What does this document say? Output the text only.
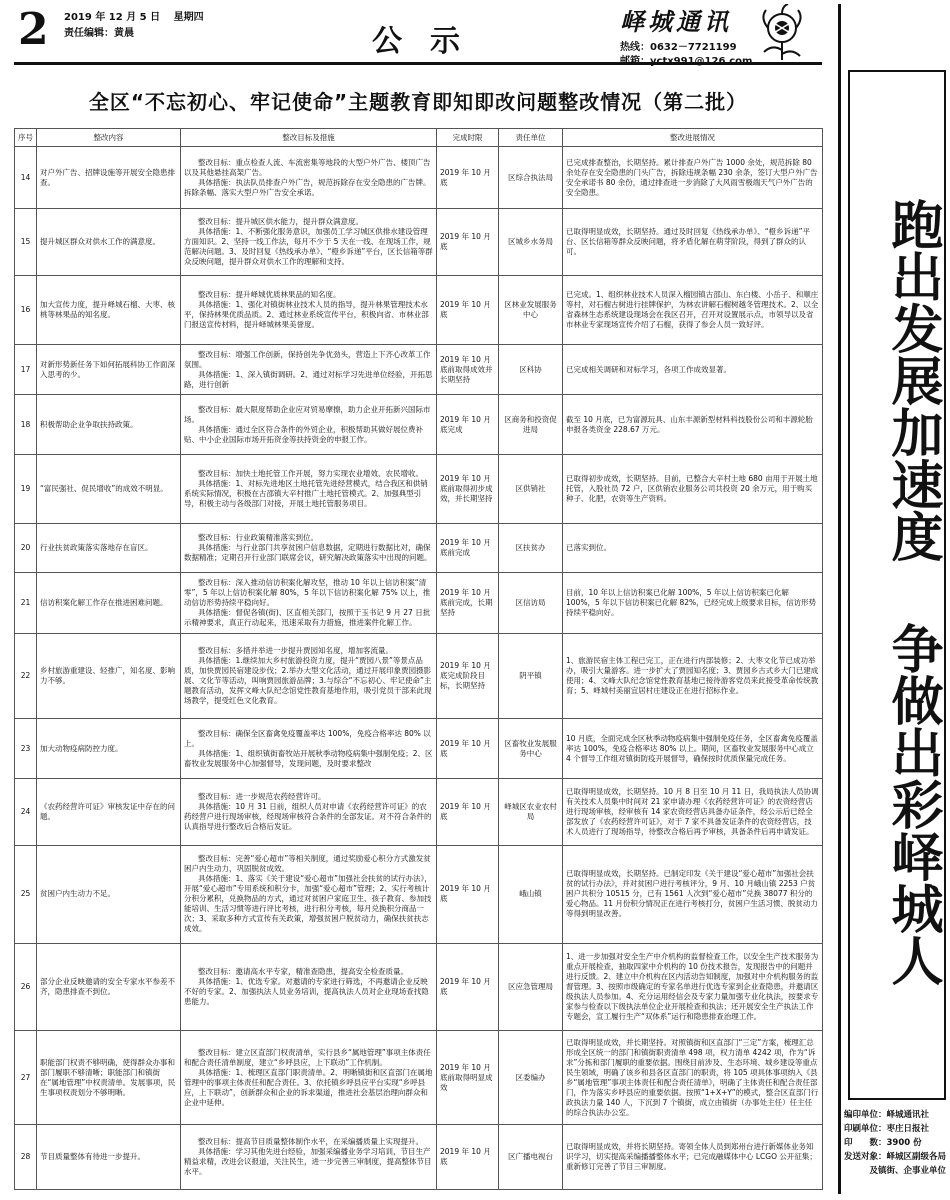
2 2019 年 12 月 5 日 星期四
责任编辑：黄晨	公示
峄城通讯
热线：0632－7721199
全区“不忘初心、牢记使命”主题教育即知即改问题整改情况（第二批）
序号	整改内容	整改目标及措施	完成时限	责任单位	整改进展情况
14	对户外广告、招牌设施等开展安全隐患排查。	整改目标：重点检查人流、车流密集等地段的大型户外广告、楼顶广告以及其他悬挂高架广告。
具体措施：执法队员排查户外广告，规范拆除存在安全隐患的广告牌。拆除条幅、落实大型户外广告安全承诺。	2019 年 10 月底	区综合执法局	已完成排查整治，长期坚持。累计排查户外广告 1000 余处，规范拆除 80 余处存在安全隐患的门头广告，拆除违规条幅 230 余条，签订大型户外广告安全承诺书 80 余份，通过排查进一步消除了大风雨雪极端天气户外广告的安全隐患。
15	提升城区群众对供水工作的满意度。	整改目标：提升城区供水能力，提升群众满意度。
具体措施：1、不断强化服务意识，加强员工学习城区供排水建设管理方面知识。2、坚持一线工作法，每月不少于 5 天在一线、在现场工作，规范解决问题。3、及时回复《热线承办单》、“橙乡诉递”平台，区长信箱等群众反映问题，提升群众对供水工作的理解和支持。	2019 年 10 月底	区城乡水务局	已取得明显成效，长期坚持。通过及时回复《热线承办单》、“橙乡诉递”平台、区长信箱等群众反映问题，将矛盾化解在萌芽阶段，得到了群众的认可。
16	加大宣传力度，提升峄城石榴、大枣、核桃等林果品的知名度。	整改目标：提升峄城优质林果品的知名度。
具体措施：1、强化对镇街林业技术人员的指导，提升林果管理技术水平，保持林果优质品质。2、通过林业系统宣传平台，积极向省、市林业部门报送宣传材料，提升峄城林果美誉度。	2019 年 10 月底	区林业发展服务中心	已完成。1、组织林业技术人员深入榴园镇古邵山、东白楼、小岳子、和顺庄等村，对石榴古树进行挂牌保护，为林农讲解石榴树越冬管理技术。2、以全省森林生态系统建设现场会在我区召开，召开对设置展示点，市领导以及省市林业专家现场宣传介绍了石榴，获得了参会人员一致好评。
17	对新形势新任务下如何拓展科协工作面深入思考的少。	整改目标：增强工作创新，保持创先争优劲头，营造上下齐心改革工作氛围。
具体措施：1、深入镇街调研。2、通过对标学习先进单位经验，开拓思路，进行创新	2019 年 10 月底前取得成效并长期坚持	区科协	已完成相关调研和对标学习，各项工作成效显著。
18	积极帮助企业争取扶持政策。	整改目标：最大限度帮助企业应对贸易摩擦，助力企业开拓新兴国际市场。
具体措施：通过全区符合条件的外贸企业，积极帮助其做好展位费补贴、中小企业国际市场开拓资金等扶持资金的申报工作。	2019 年 10 月底完成	区商务和投资促进局	截至 10 月底，已为富源玩具、山东丰源新型材料科技股份公司和丰源轮胎申报各类资金 228.67 万元。
19	“富民强社、促民增收”的成效不明显。	整改目标：加快土地托管工作开展，努力实现农业增效、农民增收。
具体措施：1、对标先进地区土地托管先进经营模式，结合我区和供销系统实际情况，积极在古邵镇大辛村推广土地托管模式。2、加强典型引导，积极主动与各级部门对接，开展土地托管服务项目。	2019 年 10 月底前取得初步成效，并长期坚持	区供销社	已取得初步成效，长期坚持。目前，已整合大辛村土地 680 亩用于开展土地托管，入股社员 72 户，区供销农业服务公司共投资 20 余万元，用于购买种子、化肥，农资等生产资料。
20	行业扶贫政策落实落地存在盲区。	整改目标：行业政策精准落实到位。
具体措施：与行业部门共享贫困户信息数据，定期进行数据比对，确保数据精准；定期召开行业部门联席会议，研究解决政策落实中出现的问题。	2019 年 10 月底前完成	区扶贫办	已落实到位。
21	信访积案化解工作存在推进困难问题。	整改目标：深入推动信访积案化解攻坚，推动 10 年以上信访积案“清零”，5 年以上信访积案化解 80%，5 年以下信访积案化解 75% 以上，推动信访形势持续平稳向好。
具体措施：督促各镇(街)、区直相关部门，按照于玉书记 9 月 27 日批示精神要求，真正行动起来，迅速采取有力措施，推进案件化解工作。	2019 年 10 月底前完成，长期坚持	区信访局	目前，10 年以上信访积案已化解 100%，5 年以上信访积案已化解 100%，5 年以下信访积案已化解 82%，已经完成上级要求目标，信访形势持续平稳向好。
22	乡村旅游重建设、轻推广，知名度、影响力不够。	整改目标：多措并举进一步提升贾园知名度，增加客流量。
具体措施：1.继续加大乡村旅游投资力度，提升“贾园八景”等景点品质，加快贾园民宿建设步伐；2.举办大型文化活动，通过开展印象贾园摄影展、文化节等活动，叫响贾园旅游品牌；3.与综合“不忘初心、牢记使命”主题教育活动，发挥文峰大队纪念馆党性教育基地作用，吸引党员干部来此现场教学，提受红色文化教育。	2019 年 10 月底完成阶段目标，长期坚持	阴平镇	1、旅游民宿主体工程已完工，正在进行内部装修；2、大枣文化节已成功举办，吸引大量游客。进一步扩大了贾园知名度；3、贾园乡古式乡大门已建成使用；4、文峰大队纪念馆党性教育基地已接待游客党员来此接受革命传统教育；5、峄城村美丽宜居村庄建设正在进行招标作业。
23	加大动物疫病防控力度。	整改目标：确保全区畜禽免疫覆盖率达 100%，免疫合格率达 80% 以上。
具体措施：1、组织镇街畜牧站开展秋季动物疫病集中强制免疫；2、区畜牧业发展服务中心加强督导，发现问题，及时要求整改	2019 年 10 月底	区畜牧业发展服务中心	10 月底，全面完成全区秋季动物疫病集中强制免疫任务，全区畜禽免疫覆盖率达 100%，免疫合格率达 80% 以上。期间，区畜牧业发展服务中心成立 4 个督导工作组对镇街防疫开展督导，确保按时优质保量完成任务。
24	《农药经营许可证》审核发证中存在的问题。	整改目标：进一步规范农药经营许可。
具体措施：10 月 31 日前，组织人员对申请《农药经营许可证》的农药经营户进行现场审核，经现场审核符合条件的全部发证。对不符合条件的认真指导进行整改后合格后发证。	2019 年 10 月底	峄城区农业农村局	已取得明显成效，长期坚持。10 月 8 日至 10 月 11 日，我局执法人员协调有关技术人员集中时间对 21 家申请办理《农药经营许可证》的农资经营店进行现场审核，经审核有 14 家农资经营店具备办证条件，经公示后已经全部发放了《农药经营许可证》，对于 7 家不具备发证条件的农资经营店，技术人员进行了现场指导，待整改合格后再予审核，具备条件后再申请发证。
25	贫困户内生动力不足。	整改目标：完善“爱心超市”等相关制度，通过奖励爱心积分方式激发贫困户内生动力，巩固脱贫成效。
具体措施：1、落实《关于建设“爱心超市”加强社会扶贫的试行办法》，开展“爱心超市”专用系统和积分卡，加强“爱心超市”管理；2、实行考核计分积分累积，兑换物品的方式，通过对贫困户家庭卫生、孩子教育、参加技能培训、生活习惯等进行评比考核，进行积分考核，每月兑换积分商品一次；3、采取多种方式宣传有关政策，增强贫困户脱贫动力，确保扶贫扶志成效。	2019 年 10 月底	峨山镇	已取得明显成效，长期坚持。已制定印发《关于建设“爱心超市”加强社会扶贫的试行办法》，并对贫困户进行考核评分，9 月、10 月峨山镇 2253 户贫困户共积分 10515 分，已有 1561 人次到“爱心超市”兑换 38077 积分的爱心物品。11 月份积分情况正在进行考核打分，贫困户生活习惯、脱贫动力等得到明显改善。
26	部分企业反映邀请的安全专家水平参差不齐，隐患排查不到位。	整改目标：邀请高水平专家，精准查隐患，提高安全检查质量。
具体措施：1、优选专家。对邀请的专家进行筛选，不再邀请企业反映不好的专家。2、加强执法人员业务培训，提高执法人员对企业现场查找隐患能力。	2019 年 10 月底	区应急管理局	1、进一步加强对安全生产中介机构的监督检查工作，以安全生产技术服务为重点开展检查，抽取四家中介机构的 10 份技术报告，发现报告中的问题并进行反馈。2、建立中介机构在区内活动告知制度，加强对中介机构服务的监督管理。3、按照市级确定的专家名单进行优选专家到企业查隐患，并邀请区级执法人员参加。4、充分运用经信会及专家力量加强专业化执法，按要求专家参与检查以下级执法单位企业开展检查和执法；还开展安全生产执法工作专题会，宣工履行生产“双体系”运行和隐患排查治理工作。
27	职能部门权责不够明确，使得群众办事和部门履职不够清晰；职能部门和镇街在“属地管理”中权责清单。发展事项，民生事项权责划分不够明晰。	整改目标：建立区直部门权责清单，实行县乡“属地管理”事项主体责任和配合责任清单制度，建立“乡呼县应，上下联动”工作机制。
具体措施：1、梳理区直部门职责清单。2、明晰镇街和区直部门在属地管理中的事项主体责任和配合责任。3、依托镇乡呼县应平台实现“乡呼县应，上下联动”，创新群众和企业的诉求渠道，推进社会基层治理向群众和企业中延伸。	2019 年 10 月底前取得明显成效	区委编办	已取得明显成效，并长期坚持。对照镇街和区直部门“三定”方案，梳理汇总形成全区统一的部门和镇街职责清单 498 项，权力清单 4242 项，作为“诉求”分拣和部门履职的重要依据。围绕目前涉及、生态环境、城乡建设等重点民生领域，明确了该乡和县各区直部门的职责，将 105 项具体事项纳入《县乡“属地管理”事项主体责任和配合责任清单》，明确了主体责任和配合责任部门，作为落实乡呼县应的重要依据。按照“1+X+Y”的模式，整合区直部门行政执法力量 140 人，下沉到 7 个镇街，成立由镇街（办事处主任）任主任的综合执法办公室。
28	节目质量整体有待进一步提升。	整改目标：提高节目质量整体制作水平，在采编播质量上实现提升。
具体措施：学习其他先进台经验，加强采编播业务学习培训，节目生产精益求精，改进会议报道，关注民生，进一步完善三审制度，提高整体节目水平。	2019 年 10 月底	区广播电视台	已取得明显成效，并将长期坚持。寄领全体人员到郑州台进行新媒体业务知识学习，切实提高采编播播整体水平；已完成融媒体中心 LCGO 公开征集；重新修订完善了节目三审制度。
跑出发展加速度 争做出彩峄城人
编印单位：峄城通讯社
印刷单位：枣庄日报社
印　　数：3900 份
发送对象：峄城区副级各局
　　　及镇街、企事业单位
